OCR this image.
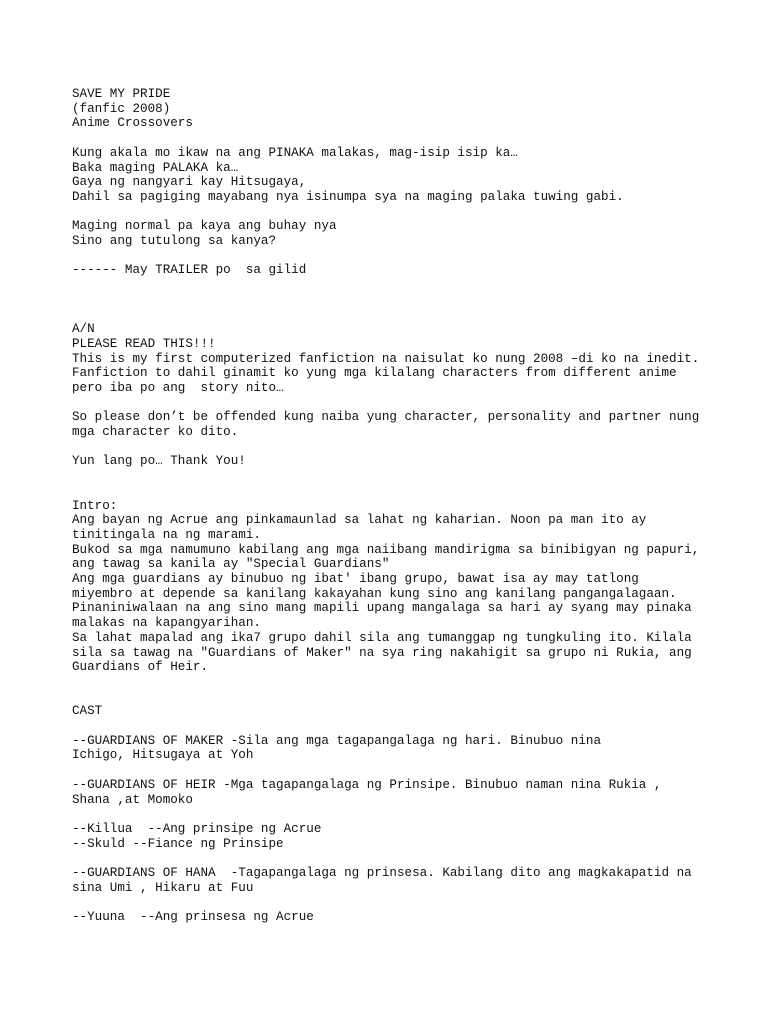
SAVE MY PRIDE
(fanfic 2008)
Anime Crossovers
Kung akala mo ikaw na ang PINAKA malakas, mag-isip isip ka…
Baka maging PALAKA ka…
Gaya ng nangyari kay Hitsugaya,
Dahil sa pagiging mayabang nya isinumpa sya na maging palaka tuwing gabi.
Maging normal pa kaya ang buhay nya
Sino ang tutulong sa kanya?
------ May TRAILER po  sa gilid
A/N
PLEASE READ THIS!!!
This is my first computerized fanfiction na naisulat ko nung 2008 –di ko na inedit.
Fanfiction to dahil ginamit ko yung mga kilalang characters from different anime
pero iba po ang  story nito…
So please don’t be offended kung naiba yung character, personality and partner nung
mga character ko dito.
Yun lang po… Thank You!
Intro:
Ang bayan ng Acrue ang pinkamaunlad sa lahat ng kaharian. Noon pa man ito ay
tinitingala na ng marami.
Bukod sa mga namumuno kabilang ang mga naiibang mandirigma sa binibigyan ng papuri,
ang tawag sa kanila ay "Special Guardians"
Ang mga guardians ay binubuo ng ibat' ibang grupo, bawat isa ay may tatlong
miyembro at depende sa kanilang kakayahan kung sino ang kanilang pangangalagaan.
Pinaniniwalaan na ang sino mang mapili upang mangalaga sa hari ay syang may pinaka
malakas na kapangyarihan.
Sa lahat mapalad ang ika7 grupo dahil sila ang tumanggap ng tungkuling ito. Kilala
sila sa tawag na "Guardians of Maker" na sya ring nakahigit sa grupo ni Rukia, ang
Guardians of Heir.
CAST
--GUARDIANS OF MAKER -Sila ang mga tagapangalaga ng hari. Binubuo nina
Ichigo, Hitsugaya at Yoh
--GUARDIANS OF HEIR -Mga tagapangalaga ng Prinsipe. Binubuo naman nina Rukia ,
Shana ,at Momoko
--Killua  --Ang prinsipe ng Acrue
--Skuld --Fiance ng Prinsipe
--GUARDIANS OF HANA  -Tagapangalaga ng prinsesa. Kabilang dito ang magkakapatid na
sina Umi , Hikaru at Fuu
--Yuuna  --Ang prinsesa ng Acrue
